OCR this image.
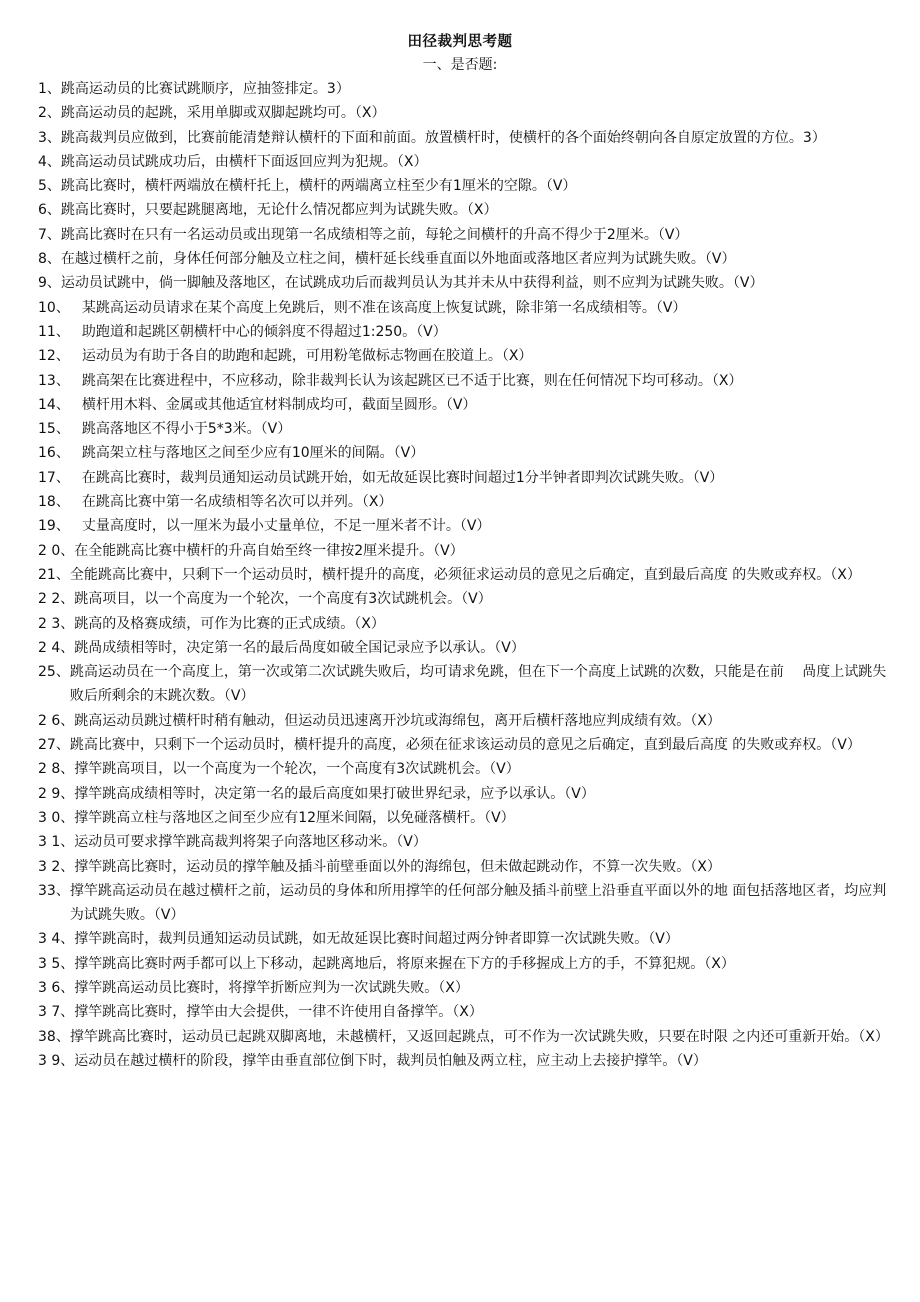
田径裁判思考题
一、是否题:
1、 跳高运动员的比赛试跳顺序，应抽签排定。3）
2、 跳高运动员的起跳，采用单脚或双脚起跳均可。（X）
3、 跳高裁判员应做到，比赛前能清楚辩认横杆的下面和前面。放置横杆时，使横杆的各个面始终朝向各自原定放置的方位。3）
4、 跳高运动员试跳成功后，由横杆下面返回应判为犯规。（X）
5、 跳高比赛时，横杆两端放在横杆托上，横杆的两端离立柱至少有1厘米的空隙。（V）
6、 跳高比赛时，只要起跳腿离地，无论什么情况都应判为试跳失败。（X）
7、 跳高比赛时在只有一名运动员或出现第一名成绩相等之前，每轮之间横杆的升高不得少于2厘米。（V）
8、 在越过横杆之前，身体任何部分触及立柱之间，横杆延长线垂直面以外地面或落地区者应判为试跳失败。（V）
9、 运动员试跳中，倘一脚触及落地区，在试跳成功后而裁判员认为其并未从中获得利益，则不应判为试跳失败。（V）
10、 某跳高运动员请求在某个高度上免跳后，则不准在该高度上恢复试跳，除非第一名成绩相等。（V）
11、 助跑道和起跳区朝横杆中心的倾斜度不得超过1:250。（V）
12、 运动员为有助于各自的助跑和起跳，可用粉笔做标志物画在胶道上。（X）
13、 跳高架在比赛进程中，不应移动，除非裁判长认为该起跳区已不适于比赛，则在任何情况下均可移动。（X）
14、 横杆用木料、金属或其他适宜材料制成均可，截面呈圆形。（V）
15、 跳高落地区不得小于5*3米。（V）
16、 跳高架立柱与落地区之间至少应有10厘米的间隔。（V）
17、 在跳高比赛时，裁判员通知运动员试跳开始，如无故延误比赛时间超过1分半钟者即判次试跳失败。（V）
18、 在跳高比赛中第一名成绩相等名次可以并列。（X）
19、 丈量高度时，以一厘米为最小丈量单位，不足一厘米者不计。（V）
2 0、 在全能跳高比赛中横杆的升高自始至终一律按2厘米提升。（V）
21、 全能跳高比赛中，只剩下一个运动员时，横杆提升的高度，必须征求运动员的意见之后确定，直到最后高度 的失败或弃权。（X）
2 2、 跳高项目，以一个高度为一个轮次，一个高度有3次试跳机会。（V）
2 3、 跳高的及格赛成绩，可作为比赛的正式成绩。（X）
2 4、 跳咼成绩相等时，决定第一名的最后咼度如破全国记录应予以承认。（V）
25、 跳高运动员在一个高度上，第一次或第二次试跳失败后，均可请求免跳，但在下一个高度上试跳的次数，只能是在前　 咼度上试跳失败后所剩余的末跳次数。（V）
2 6、 跳高运动员跳过横杆时稍有触动，但运动员迅速离开沙坑或海绵包，离开后横杆落地应判成绩有效。（X）
27、 跳高比赛中，只剩下一个运动员时，横杆提升的高度，必须在征求该运动员的意见之后确定，直到最后高度 的失败或弃权。（V）
2 8、 撑竿跳高项目，以一个高度为一个轮次，一个高度有3次试跳机会。（V）
2 9、 撑竿跳高成绩相等时，决定第一名的最后高度如果打破世界纪录，应予以承认。（V）
3 0、 撑竿跳高立柱与落地区之间至少应有12厘米间隔，以免碰落横杆。（V）
3 1、 运动员可要求撑竿跳高裁判将架子向落地区移动米。（V）
3 2、 撑竿跳高比赛时，运动员的撑竿触及插斗前壁垂面以外的海绵包，但未做起跳动作，不算一次失败。（X）
33、 撑竿跳高运动员在越过横杆之前，运动员的身体和所用撑竿的任何部分触及插斗前壁上沿垂直平面以外的地 面包括落地区者，均应判为试跳失败。（V）
3 4、 撑竿跳高时，裁判员通知运动员试跳，如无故延误比赛时间超过两分钟者即算一次试跳失败。（V）
3 5、 撑竿跳高比赛时两手都可以上下移动，起跳离地后，将原来握在下方的手移握成上方的手，不算犯规。（X）
3 6、 撑竿跳高运动员比赛时，将撑竿折断应判为一次试跳失败。（X）
3 7、 撑竿跳高比赛时，撑竿由大会提供，一律不许使用自备撑竿。（X）
38、 撑竿跳高比赛时，运动员已起跳双脚离地，未越横杆，又返回起跳点，可不作为一次试跳失败，只要在时限 之内还可重新开始。（X）
3 9、 运动员在越过横杆的阶段，撑竿由垂直部位倒下时，裁判员怕触及两立柱，应主动上去接护撑竿。（V）
